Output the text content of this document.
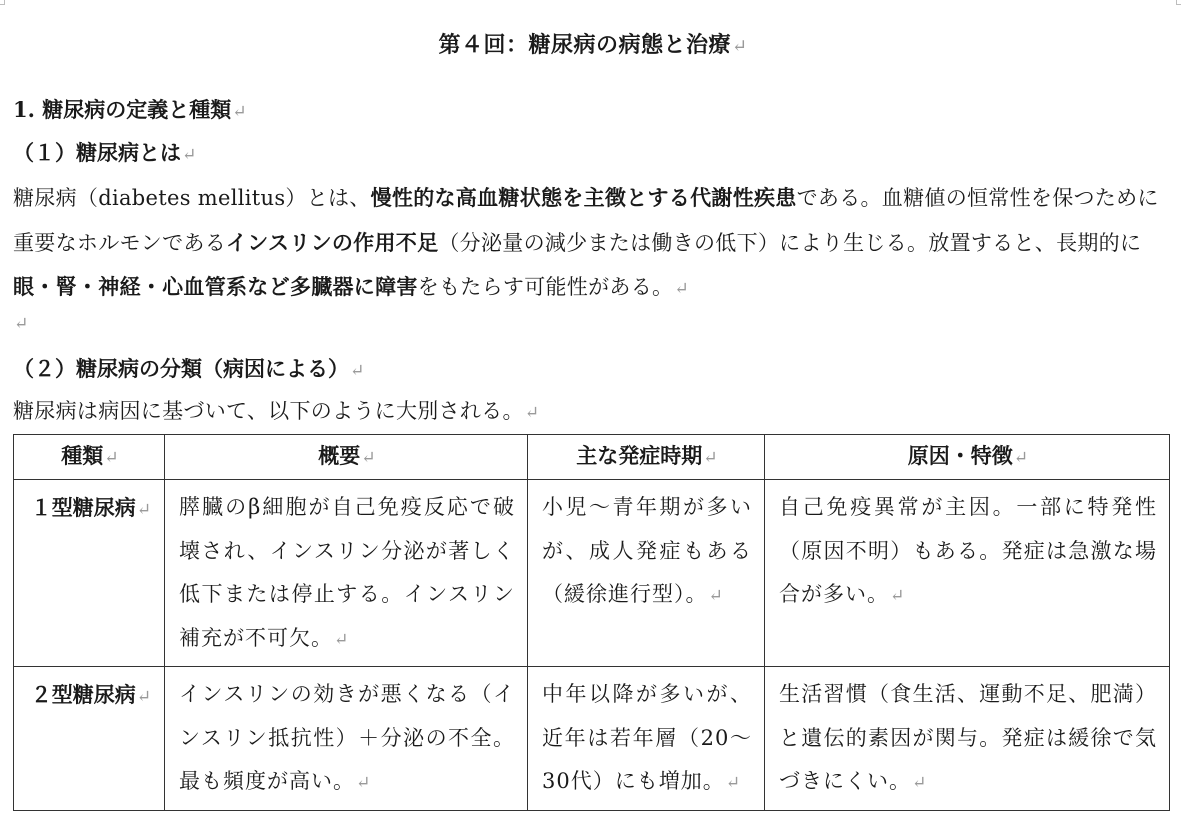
第４回：糖尿病の病態と治療↵
1. 糖尿病の定義と種類↵
（１）糖尿病とは↵
糖尿病（diabetes mellitus）とは、慢性的な高血糖状態を主徴とする代謝性疾患である。血糖値の恒常性を保つために重要なホルモンであるインスリンの作用不足（分泌量の減少または働きの低下）により生じる。放置すると、長期的に眼・腎・神経・心血管系など多臓器に障害をもたらす可能性がある。↵
↵
（２）糖尿病の分類（病因による）↵
糖尿病は病因に基づいて、以下のように大別される。↵
種類↵	概要↵	主な発症時期↵	原因・特徴↵
１型糖尿病↵	膵臓のβ細胞が自己免疫反応で破壊され、インスリン分泌が著しく低下または停止する。インスリン補充が不可欠。↵	小児〜青年期が多いが、成人発症もある（緩徐進行型）。↵	自己免疫異常が主因。一部に特発性（原因不明）もある。発症は急激な場合が多い。↵
２型糖尿病↵	インスリンの効きが悪くなる（インスリン抵抗性）＋分泌の不全。最も頻度が高い。↵	中年以降が多いが、近年は若年層（20〜30代）にも増加。↵	生活習慣（食生活、運動不足、肥満）と遺伝的素因が関与。発症は緩徐で気づきにくい。↵
